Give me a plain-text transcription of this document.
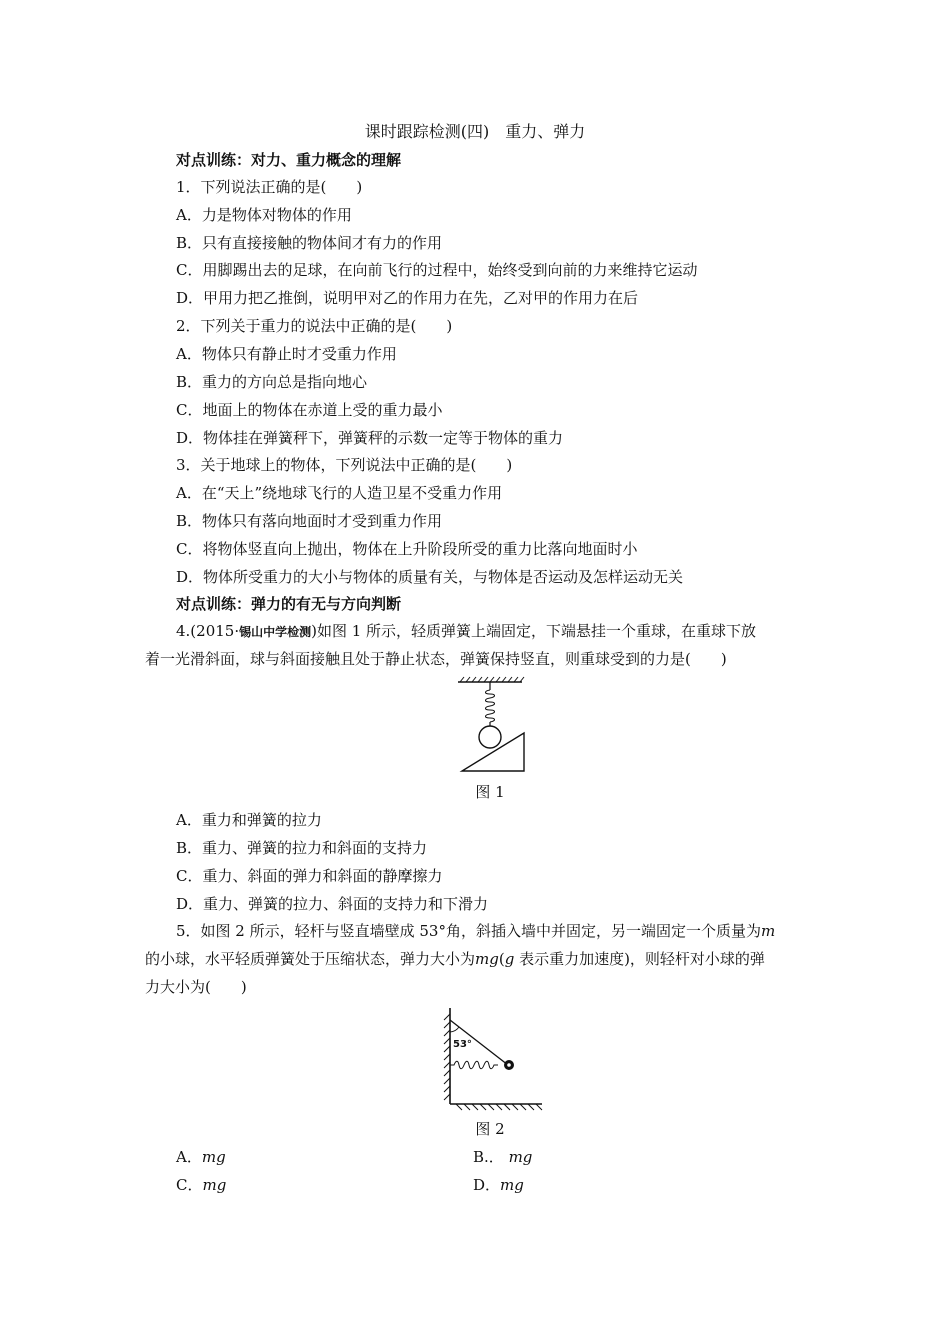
课时跟踪检测(四)　重力、弹力
对点训练：对力、重力概念的理解
1．下列说法正确的是(　　)
A．力是物体对物体的作用
B．只有直接接触的物体间才有力的作用
C．用脚踢出去的足球，在向前飞行的过程中，始终受到向前的力来维持它运动
D．甲用力把乙推倒，说明甲对乙的作用力在先，乙对甲的作用力在后
2．下列关于重力的说法中正确的是(　　)
A．物体只有静止时才受重力作用
B．重力的方向总是指向地心
C．地面上的物体在赤道上受的重力最小
D．物体挂在弹簧秤下，弹簧秤的示数一定等于物体的重力
3．关于地球上的物体，下列说法中正确的是(　　)
A．在“天上”绕地球飞行的人造卫星不受重力作用
B．物体只有落向地面时才受到重力作用
C．将物体竖直向上抛出，物体在上升阶段所受的重力比落向地面时小
D．物体所受重力的大小与物体的质量有关，与物体是否运动及怎样运动无关
对点训练：弹力的有无与方向判断
4.(2015·锡山中学检测)如图 1 所示，轻质弹簧上端固定，下端悬挂一个重球，在重球下放
着一光滑斜面，球与斜面接触且处于静止状态，弹簧保持竖直，则重球受到的力是(　　)
图 1
A．重力和弹簧的拉力
B．重力、弹簧的拉力和斜面的支持力
C．重力、斜面的弹力和斜面的静摩擦力
D．重力、弹簧的拉力、斜面的支持力和下滑力
5．如图 2 所示，轻杆与竖直墙壁成 53°角，斜插入墙中并固定，另一端固定一个质量为m
的小球，水平轻质弹簧处于压缩状态，弹力大小为mg(g 表示重力加速度)，则轻杆对小球的弹
力大小为(　　)
53°
图 2
A．mg	B.． mg
C．mg	D．mg
